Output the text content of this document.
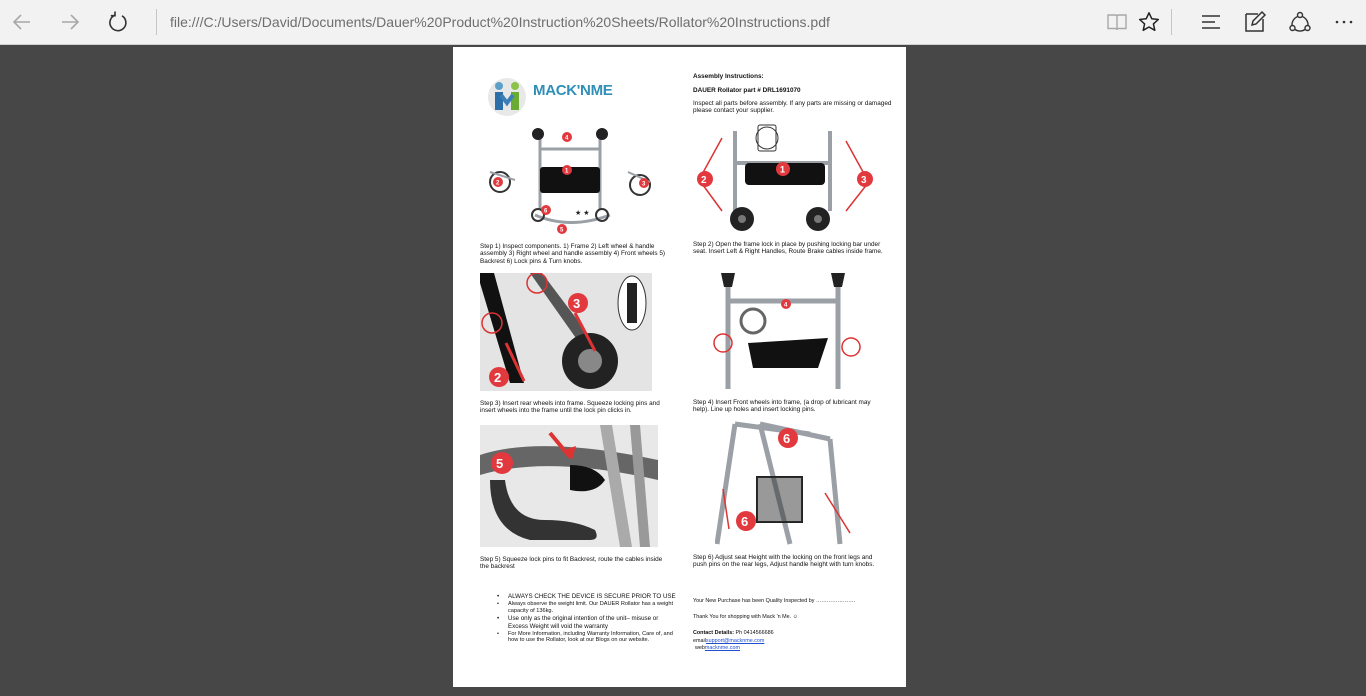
file:///C:/Users/David/Documents/Dauer%20Product%20Instruction%20Sheets/Rollator%20Instructions.pdf
MACK'NME
Assembly Instructions:
DAUER Rollator part # DRL1691070
Inspect all parts before assembly. If any parts are missing or damaged please contact your supplier.
★ ★
4
1
2	3
6
5
Step 1) Inspect components. 1) Frame 2) Left wheel & handle assembly 3) Right wheel and handle assembly 4) Front wheels 5) Backrest 6) Lock pins & Turn knobs.
2	3
1
Step 2) Open the frame lock in place by pushing locking bar under seat. Insert Left & Right Handles, Route Brake cables inside frame.
3
2
Step 3) Insert rear wheels into frame. Squeeze locking pins and insert wheels into the frame until the lock pin clicks in.
4
Step 4) Insert Front wheels into frame, (a drop of lubricant may help). Line up holes and insert locking pins.
5
Step 5) Squeeze lock pins to fit Backrest, route the cables inside the backrest
6
6
Step 6) Adjust seat Height with the locking on the front legs and push pins on the rear legs, Adjust handle height with turn knobs.
• ALWAYS CHECK THE DEVICE IS SECURE PRIOR TO USE
• Always observe the weight limit. Our DAUER Rollator has a weight capacity of 136kg.
• Use only as the original intention of the unit– misuse or Excess Weight will void the warranty
• For More Information, including Warranty Information, Care of, and how to use the Rollator, look at our Blogs on our website.
Your New Purchase has been Quality Inspected by ………………….
Thank You for shopping with Mack 'n Me. ☺
Contact Details: Ph 0414566686
emailsupport@macknme.com
webmacknme.com
